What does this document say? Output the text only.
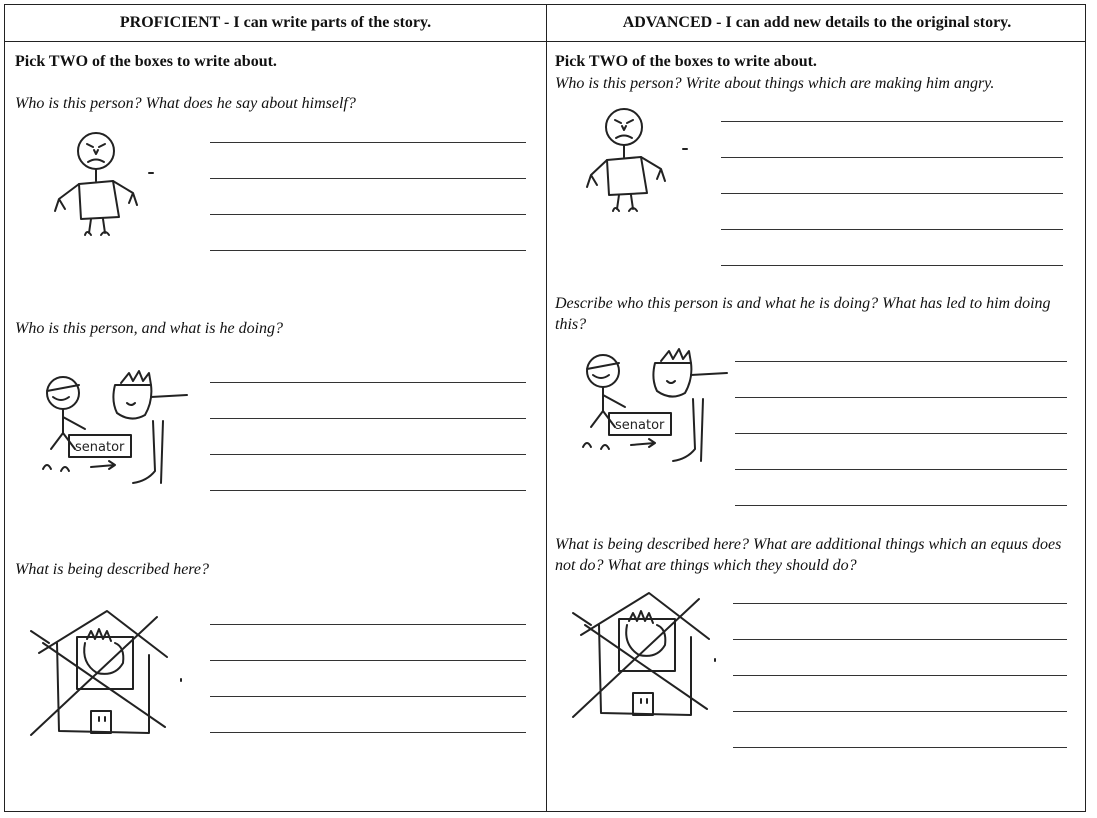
PROFICIENT - I can write parts of the story.	ADVANCED - I can add new details to the original story.
Pick TWO of the boxes to write about.
Who is this person? What does he say about himself?
Who is this person, and what is he doing?
senator
What is being described here?
Pick TWO of the boxes to write about.
Who is this person? Write about things which are making him angry.
Describe who this person is and what he is doing? What has led to him doing this?
senator
What is being described here? What are additional things which an equus does not do? What are things which they should do?
